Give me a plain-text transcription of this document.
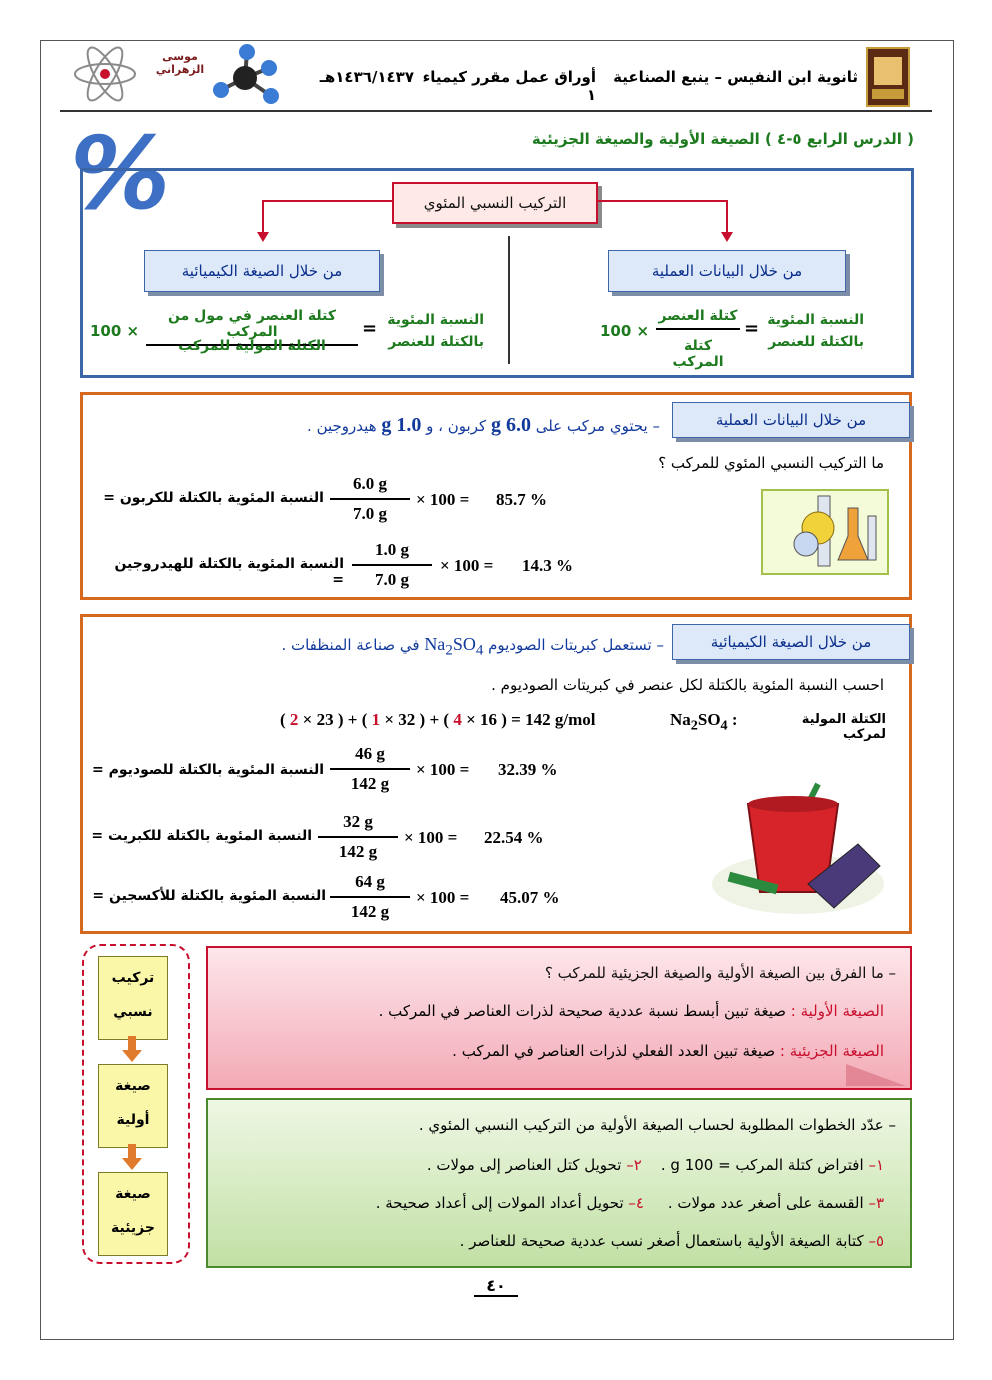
ثانوية ابن النفيس – ينبع الصناعية
أوراق عمل مقرر كيمياء ١
١٤٣٦/١٤٣٧هـ
موسى الزهراني
( الدرس الرابع ٥-٤ ) الصيغة الأولية والصيغة الجزيئية
%	التركيب النسبي المئوي
من خلال الصيغة الكيميائية	من خلال البيانات العملية
النسبة المئوية
بالكتلة للعنصر
=
كتلة العنصر في مول من المركب
الكتلة المولية للمركب
100 ×
النسبة المئوية
بالكتلة للعنصر
=
كتلة العنصر
كتلة المركب
100 ×
من خلال البيانات العملية
– يحتوي مركب على 6.0 g كربون ، و 1.0 g هيدروجين .
ما التركيب النسبي المئوي للمركب ؟
النسبة المئوية بالكتلة للكربون = $\frac{6.0 g}{7.0 g} \times 100 = 85.7$ %
النسبة المئوية بالكتلة للهيدروجين = $\frac{1.0 g}{7.0 g} \times 100 = 14.3$ %
من خلال الصيغة الكيميائية
– تستعمل كبريتات الصوديوم $Na_2SO_4$ في صناعة المنظفات .
احسب النسبة المئوية بالكتلة لكل عنصر في كبريتات الصوديوم .
الكتلة المولية لمركب
$Na_2SO_4$ :
( 2 × 23 ) + ( 1 × 32 ) + ( 4 × 16 ) = 142 g/mol
النسبة المئوية بالكتلة للصوديوم = $\frac{46 g}{142 g} \times 100 = 32.39$ %
النسبة المئوية بالكتلة للكبريت = $\frac{32 g}{142 g} \times 100 = 22.54$ %
النسبة المئوية بالكتلة للأكسجين = $\frac{64 g}{142 g} \times 100 = 45.07$ %
– ما الفرق بين الصيغة الأولية والصيغة الجزيئية للمركب ؟
الصيغة الأولية : صيغة تبين أبسط نسبة عددية صحيحة لذرات العناصر في المركب .
الصيغة الجزيئية : صيغة تبين العدد الفعلي لذرات العناصر في المركب .
– عدّد الخطوات المطلوبة لحساب الصيغة الأولية من التركيب النسبي المئوي .
١– افتراض كتلة المركب = 100 g .    ٢– تحويل كتل العناصر إلى مولات .
٣– القسمة على أصغر عدد مولات .     ٤– تحويل أعداد المولات إلى أعداد صحيحة .
٥– كتابة الصيغة الأولية باستعمال أصغر نسب عددية صحيحة للعناصر .
تركيب نسبي
صيغة أولية
صيغة جزيئية
٤٠
